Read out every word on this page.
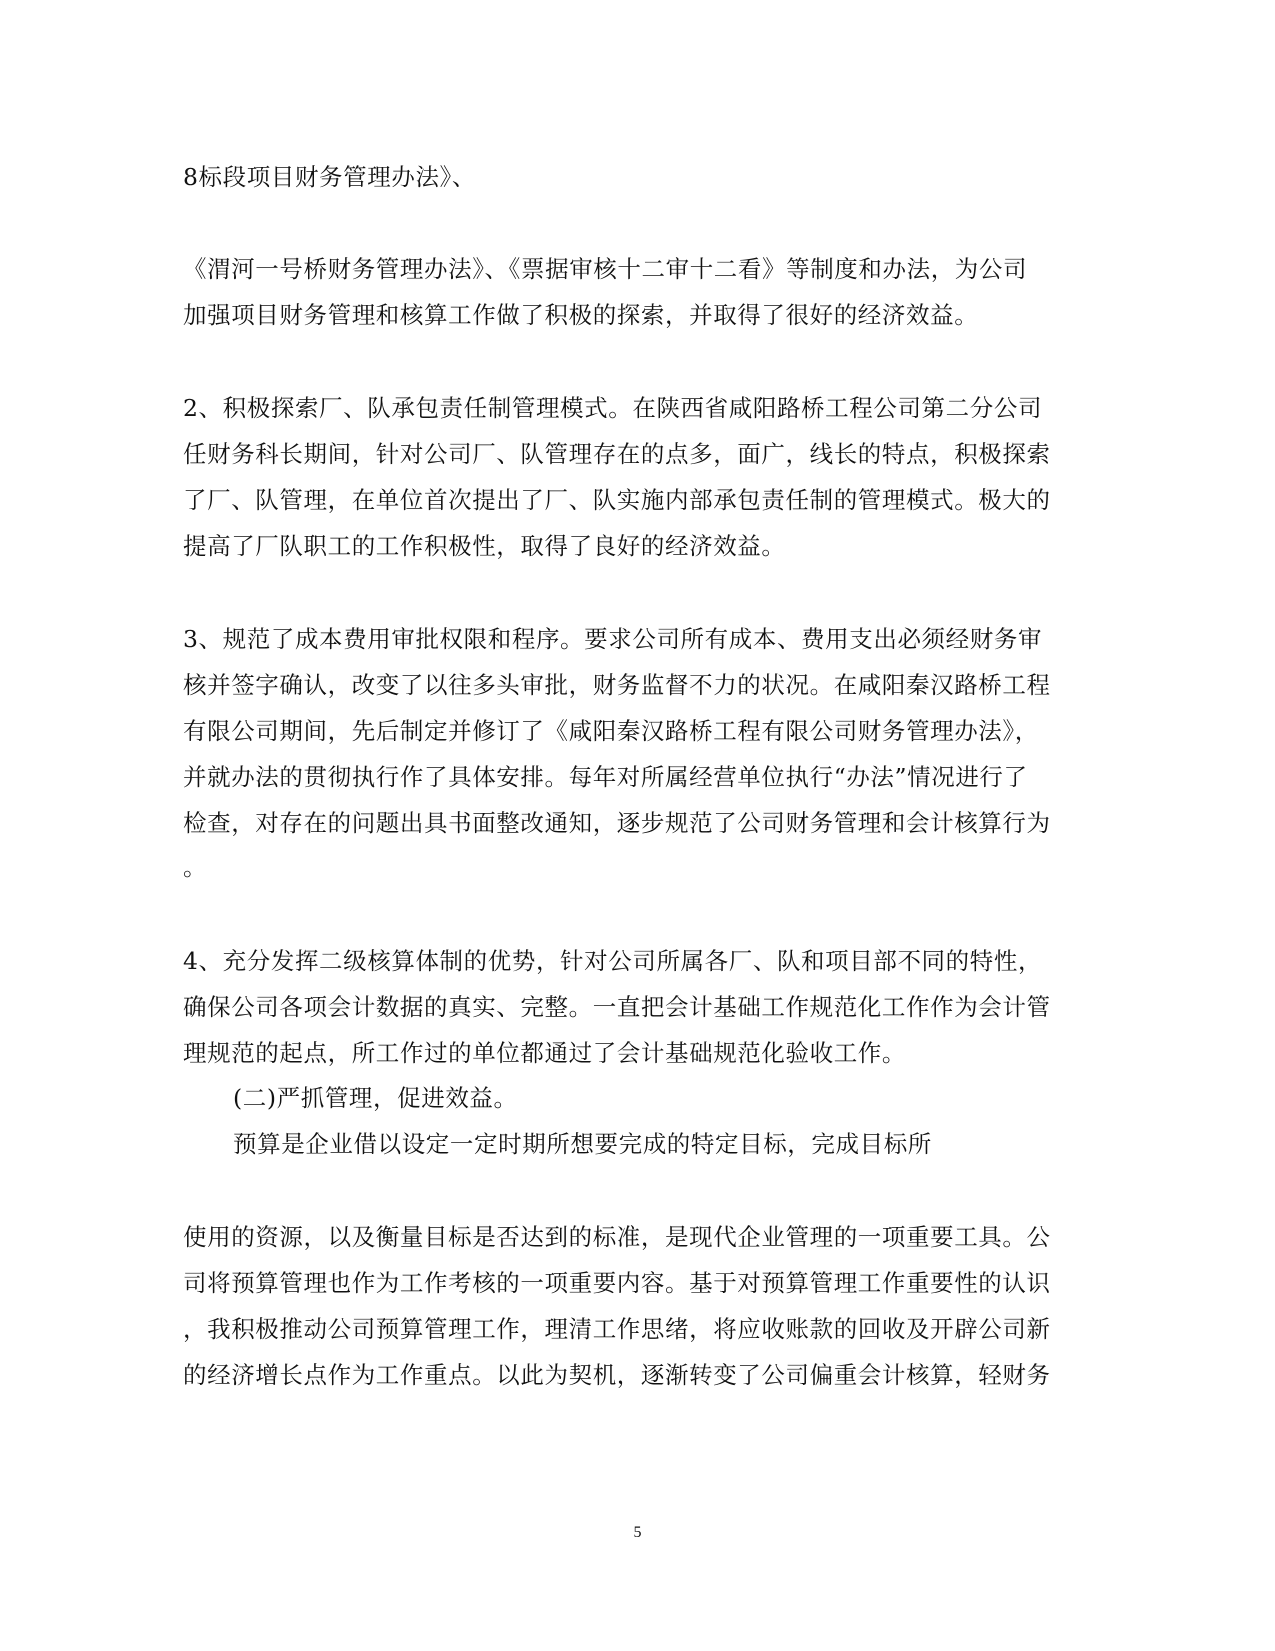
8标段项目财务管理办法》、
《渭河一号桥财务管理办法》、《票据审核十二审十二看》等制度和办法，为公司
加强项目财务管理和核算工作做了积极的探索，并取得了很好的经济效益。
2、积极探索厂、队承包责任制管理模式。在陕西省咸阳路桥工程公司第二分公司
任财务科长期间，针对公司厂、队管理存在的点多，面广，线长的特点，积极探索
了厂、队管理，在单位首次提出了厂、队实施内部承包责任制的管理模式。极大的
提高了厂队职工的工作积极性，取得了良好的经济效益。
3、规范了成本费用审批权限和程序。要求公司所有成本、费用支出必须经财务审
核并签字确认，改变了以往多头审批，财务监督不力的状况。在咸阳秦汉路桥工程
有限公司期间，先后制定并修订了《咸阳秦汉路桥工程有限公司财务管理办法》，
并就办法的贯彻执行作了具体安排。每年对所属经营单位执行“办法”情况进行了
检查，对存在的问题出具书面整改通知，逐步规范了公司财务管理和会计核算行为
。
4、充分发挥二级核算体制的优势，针对公司所属各厂、队和项目部不同的特性，
确保公司各项会计数据的真实、完整。一直把会计基础工作规范化工作作为会计管
理规范的起点，所工作过的单位都通过了会计基础规范化验收工作。
(二)严抓管理，促进效益。
预算是企业借以设定一定时期所想要完成的特定目标，完成目标所
使用的资源，以及衡量目标是否达到的标准，是现代企业管理的一项重要工具。公
司将预算管理也作为工作考核的一项重要内容。基于对预算管理工作重要性的认识
，我积极推动公司预算管理工作，理清工作思绪，将应收账款的回收及开辟公司新
的经济增长点作为工作重点。以此为契机，逐渐转变了公司偏重会计核算，轻财务
5
